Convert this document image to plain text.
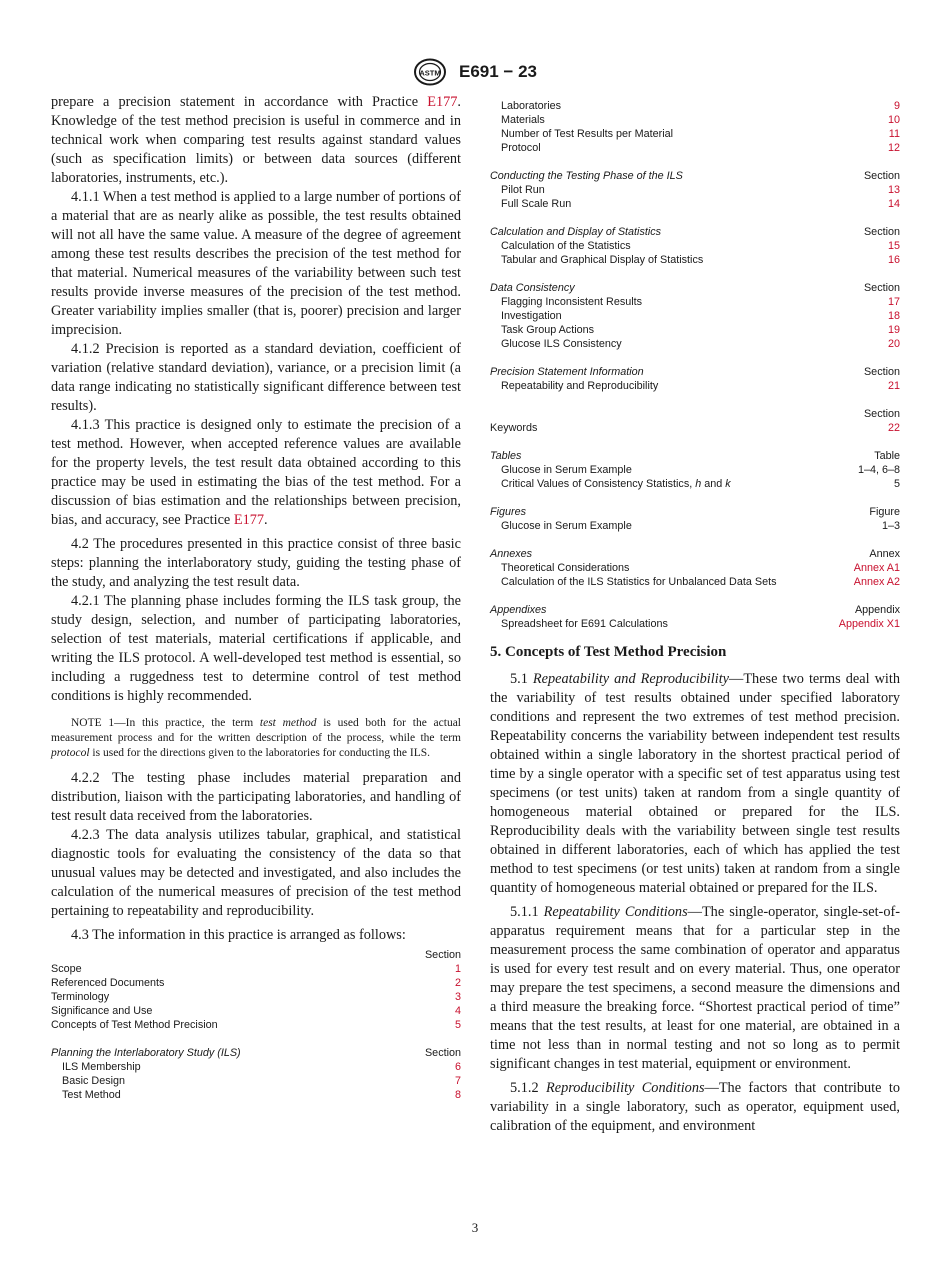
ASTM E691 − 23

prepare a precision statement in accordance with Practice E177. Knowledge of the test method precision is useful in commerce and in technical work when comparing test results against standard values (such as specification limits) or between data sources (different laboratories, instruments, etc.).

4.1.1 When a test method is applied to a large number of portions of a material that are as nearly alike as possible, the test results obtained will not all have the same value. A measure of the degree of agreement among these test results describes the precision of the test method for that material. Numerical measures of the variability between such test results provide inverse measures of the precision of the test method. Greater variability implies smaller (that is, poorer) precision and larger imprecision.

4.1.2 Precision is reported as a standard deviation, coefficient of variation (relative standard deviation), variance, or a precision limit (a data range indicating no statistically significant difference between test results).

4.1.3 This practice is designed only to estimate the precision of a test method. However, when accepted reference values are available for the property levels, the test result data obtained according to this practice may be used in estimating the bias of the test method. For a discussion of bias estimation and the relationships between precision, bias, and accuracy, see Practice E177.

4.2 The procedures presented in this practice consist of three basic steps: planning the interlaboratory study, guiding the testing phase of the study, and analyzing the test result data.

4.2.1 The planning phase includes forming the ILS task group, the study design, selection, and number of participating laboratories, selection of test materials, material certifications if applicable, and writing the ILS protocol. A well-developed test method is essential, so including a ruggedness test to determine control of test method conditions is highly recommended.

NOTE 1—In this practice, the term test method is used both for the actual measurement process and for the written description of the process, while the term protocol is used for the directions given to the laboratories for conducting the ILS.

4.2.2 The testing phase includes material preparation and distribution, liaison with the participating laboratories, and handling of test result data received from the laboratories.

4.2.3 The data analysis utilizes tabular, graphical, and statistical diagnostic tools for evaluating the consistency of the data so that unusual values may be detected and investigated, and also includes the calculation of the numerical measures of precision of the test method pertaining to repeatability and reproducibility.

4.3 The information in this practice is arranged as follows:

Section
Scope	1
Referenced Documents	2
Terminology	3
Significance and Use	4
Concepts of Test Method Precision	5
Planning the Interlaboratory Study (ILS)	Section
ILS Membership	6
Basic Design	7
Test Method	8
Laboratories	9
Materials	10
Number of Test Results per Material	11
Protocol	12
Conducting the Testing Phase of the ILS	Section
Pilot Run	13
Full Scale Run	14
Calculation and Display of Statistics	Section
Calculation of the Statistics	15
Tabular and Graphical Display of Statistics	16
Data Consistency	Section
Flagging Inconsistent Results	17
Investigation	18
Task Group Actions	19
Glucose ILS Consistency	20
Precision Statement Information	Section
Repeatability and Reproducibility	21
Section
Keywords	22
Tables	Table
Glucose in Serum Example	1–4, 6–8
Critical Values of Consistency Statistics, h and k	5
Figures	Figure
Glucose in Serum Example	1–3
Annexes	Annex
Theoretical Considerations	Annex A1
Calculation of the ILS Statistics for Unbalanced Data Sets	Annex A2
Appendixes	Appendix
Spreadsheet for E691 Calculations	Appendix X1
5. Concepts of Test Method Precision

5.1 Repeatability and Reproducibility—These two terms deal with the variability of test results obtained under specified laboratory conditions and represent the two extremes of test method precision. Repeatability concerns the variability between independent test results obtained within a single laboratory in the shortest practical period of time by a single operator with a specific set of test apparatus using test specimens (or test units) taken at random from a single quantity of homogeneous material obtained or prepared for the ILS. Reproducibility deals with the variability between single test results obtained in different laboratories, each of which has applied the test method to test specimens (or test units) taken at random from a single quantity of homogeneous material obtained or prepared for the ILS.

5.1.1 Repeatability Conditions—The single-operator, single-set-of-apparatus requirement means that for a particular step in the measurement process the same combination of operator and apparatus is used for every test result and on every material. Thus, one operator may prepare the test specimens, a second measure the dimensions and a third measure the breaking force. “Shortest practical period of time” means that the test results, at least for one material, are obtained in a time not less than in normal testing and not so long as to permit significant changes in test material, equipment or environment.

5.1.2 Reproducibility Conditions—The factors that contribute to variability in a single laboratory, such as operator, equipment used, calibration of the equipment, and environment

3
